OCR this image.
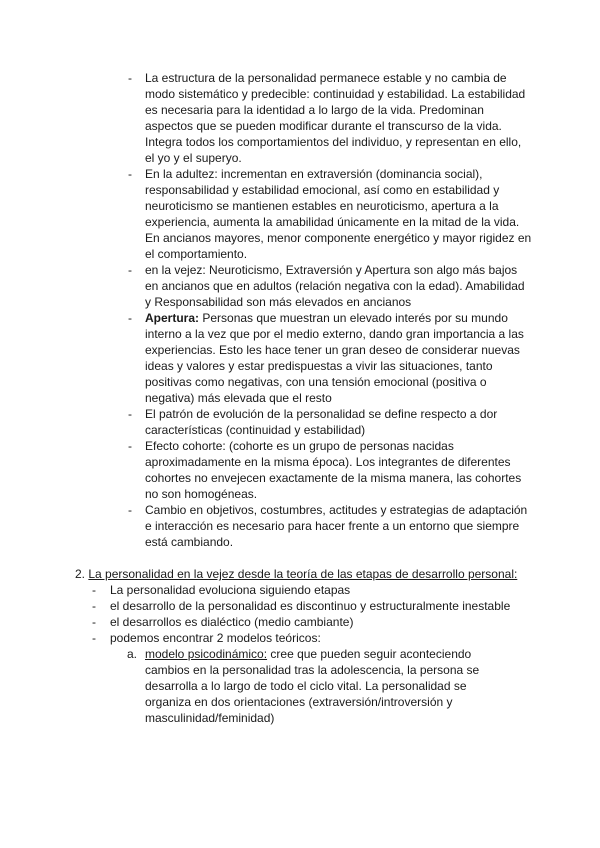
- La estructura de la personalidad permanece estable y no cambia de modo sistemático y predecible: continuidad y estabilidad. La estabilidad es necesaria para la identidad a lo largo de la vida. Predominan aspectos que se pueden modificar durante el transcurso de la vida. Integra todos los comportamientos del individuo, y representan en ello, el yo y el superyo.
- En la adultez: incrementan en extraversión (dominancia social), responsabilidad y estabilidad emocional, así como en estabilidad y neuroticismo se mantienen estables en neuroticismo, apertura a la experiencia, aumenta la amabilidad únicamente en la mitad de la vida. En ancianos mayores, menor componente energético y mayor rigidez en el comportamiento.
- en la vejez: Neuroticismo, Extraversión y Apertura son algo más bajos en ancianos que en adultos (relación negativa con la edad). Amabilidad y Responsabilidad son más elevados en ancianos
- Apertura: Personas que muestran un elevado interés por su mundo interno a la vez que por el medio externo, dando gran importancia a las experiencias. Esto les hace tener un gran deseo de considerar nuevas ideas y valores y estar predispuestas a vivir las situaciones, tanto positivas como negativas, con una tensión emocional (positiva o negativa) más elevada que el resto
- El patrón de evolución de la personalidad se define respecto a dor características (continuidad y estabilidad)
- Efecto cohorte: (cohorte es un grupo de personas nacidas aproximadamente en la misma época). Los integrantes de diferentes cohortes no envejecen exactamente de la misma manera, las cohortes no son homogéneas.
- Cambio en objetivos, costumbres, actitudes y estrategias de adaptación e interacción es necesario para hacer frente a un entorno que siempre está cambiando.
2. La personalidad en la vejez desde la teoría de las etapas de desarrollo personal:
- La personalidad evoluciona siguiendo etapas
- el desarrollo de la personalidad es discontinuo y estructuralmente inestable
- el desarrollos es dialéctico (medio cambiante)
- podemos encontrar 2 modelos teóricos:
a. modelo psicodinámico: cree que pueden seguir aconteciendo cambios en la personalidad tras la adolescencia, la persona se desarrolla a lo largo de todo el ciclo vital. La personalidad se organiza en dos orientaciones (extraversión/introversión y masculinidad/feminidad)
